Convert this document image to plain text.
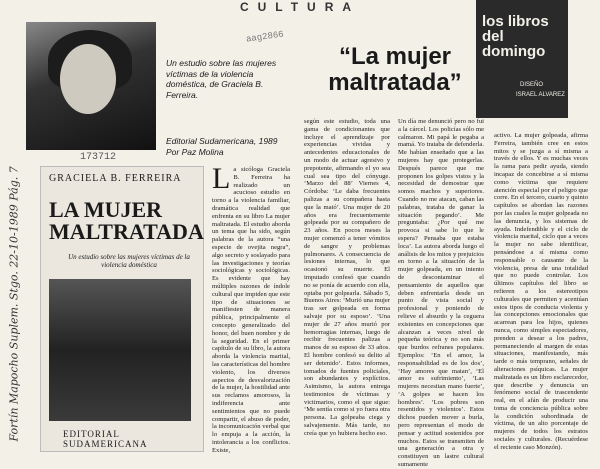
CULTURA
Un estudio sobre las mujeres víctimas de la violencia doméstica, de Graciela B. Ferreira.
Editorial Sudamericana, 1989
Por Paz Molina
173712
aag2866
“La mujer maltratada”
los libros del domingo
DISEÑO
ISRAEL ALVAREZ
GRACIELA B. FERREIRA
LA MUJER MALTRATADA
Un estudio sobre las mujeres víctimas de la violencia doméstica
EDITORIAL SUDAMERICANA
Fortín Mapocho Suplem. Stgo. 22-10-1989 Pág. 7	La sicóloga Graciela B. Ferreira ha realizado un acucioso estudio en torno a la violencia familiar, dramática realidad que enfrenta en su libro La mujer maltratada. El estudio aborda un tema que ha sido, según palabras de la autora “una especie de ovejita negra”, algo secreto y soslayado para las investigaciones y teorías sociológicas y sociológicas. Es evidente que hay múltiples razones de índole cultural que impiden que este tipo de situaciones se manifiesten de manera pública, principalmente el concepto generalizado del honor, del buen nombre y de la seguridad. En el primer capítulo de su libro, la autora aborda la violencia marital, las características del hombre violento, los diversos aspectos de desvalorización de la mujer, la hostilidad ante sus reclamos amorosos, la indiferencia ante sentimientos que no puede compartir, el abuso de poder, la incomunicación verbal que lo empuja a la acción, la intolerancia a los conflictos. Existe,
según este estudio, toda una gama de condicionantes que incluye el aprendizaje por experiencias vividas y antecedentes educacionales de un modo de actuar agresivo y prepotente, afirmando el yo sea cual sea tipo del cónyuge. ‘Marzo del 88’ Viernes 4, Córdoba: ‘Le daba frecuentes palizas a su compañera hasta que la mató’. Una mujer de 20 años era frecuentemente golpeada por su compañero de 23 años. En pocos meses la mujer comenzó a tener vómitos de sangre y problemas pulmonares. A consecuencia de lesiones internas, lo que ocasionó su muerte. El imputado confesó que cuando no se ponía de acuerdo con ella, optaba por golpearla. Sábado 5, Buenos Aires: ‘Murió una mujer tras ser golpeada en forma salvaje por su esposo’. ‘Una mujer de 27 años murió por hemorragias internas, luego de recibir frecuentes palizas a manos de su esposo de 33 años. El hombre confesó su delito al ser detenido’. Estos informes, tomados de fuentes policiales, son abundantes y explícitos. Asimismo, la autora entrega testimonios de víctimas y victimarios, como el que sigue: ‘Me sentía como si yo fuera otra persona. La golpeaba ciega y salvajemente. Más tarde, no creía que yo hubiera hecho eso.
Un día me denunció pero no fui a la cárcel. Los policías sólo me calmaron. Mi papá le pegaba a mamá. Yo trataba de defenderla. Me habían enseñado que a las mujeres hay que protegerlas. Después parece que me proponen los golpes vistos y la necesidad de demostrar que somos machos y superiores. Cuando no me atacan, caban las palabras, trataba de ganar la situación pegando’. Me preguntaba: ¿Por qué me provoca si sabe lo que le espera? Pensaba que estaba loca’. La autora aborda luego el análisis de los mitos y prejuicios en torno a la situación de la mujer golpeada, en un intento de descontaminar el pensamiento de aquellos que deben enfrentarla desde un punto de vista social y profesional y poniendo de relieve el absurdo y la ceguera existentes en concepciones que alcanzan a veces nivel de pequeña teórica y no son más que burdos refranes populares. Ejemplos: ‘En el amor, la responsabilidad es de los dos’, ‘Hay amores que matan’, ‘El amor es sufrimiento’, ‘Las mujeres necesitan mano fuerte’, ‘A golpes se hacen los hombres’. ‘Los pobres son resentidos y violentos’. Estos dichos pueden mover a burla, pero representan el modo de pensar y actitud sostenidos por muchos. Estos se transmiten de una generación a otra y constituyen un lastre cultural sumamente
activo. La mujer golpeada, afirma Ferreira, también cree en estos mitos y se juzga a sí misma a través de ellos. Y es muchas veces la rama para pedir ayuda, siendo incapaz de concebirse a sí misma como víctima que requiere atención especial por el peligro que corre. En el tercero, cuarto y quinto capítulos se abordan las razones por las cuales la mujer golpeada no las denuncia, y los sistemas de ayuda. Indefendible y el ciclo de violencia marital, ciclo que a veces la mujer no sabe identificar, pensándose a sí misma como responsable o causante de la violencia, presa de una totalidad que no puede controlar. Los últimos capítulos del libro se refieren a los estereotipos culturales que permiten y acentúan estos tipos de conducta violenta y las concepciones emocionales que acarrean para los hijos, quienes nunca, como simples espectadores, prenden a desear a los padres, permaneciendo al margen de estas situaciones, manifestando, más tarde o más temprano, señales de alteraciones psíquicas. La mujer maltratada es un libro esclarecedor, que describe y denuncia un fenómeno social de trascendente real, en el afán de producir una toma de conciencia pública sobre la condición subordinada de víctima, de un alto porcentaje de mujeres de todos los estratos sociales y culturales. (Recuérdese el reciente caso Monzón).
